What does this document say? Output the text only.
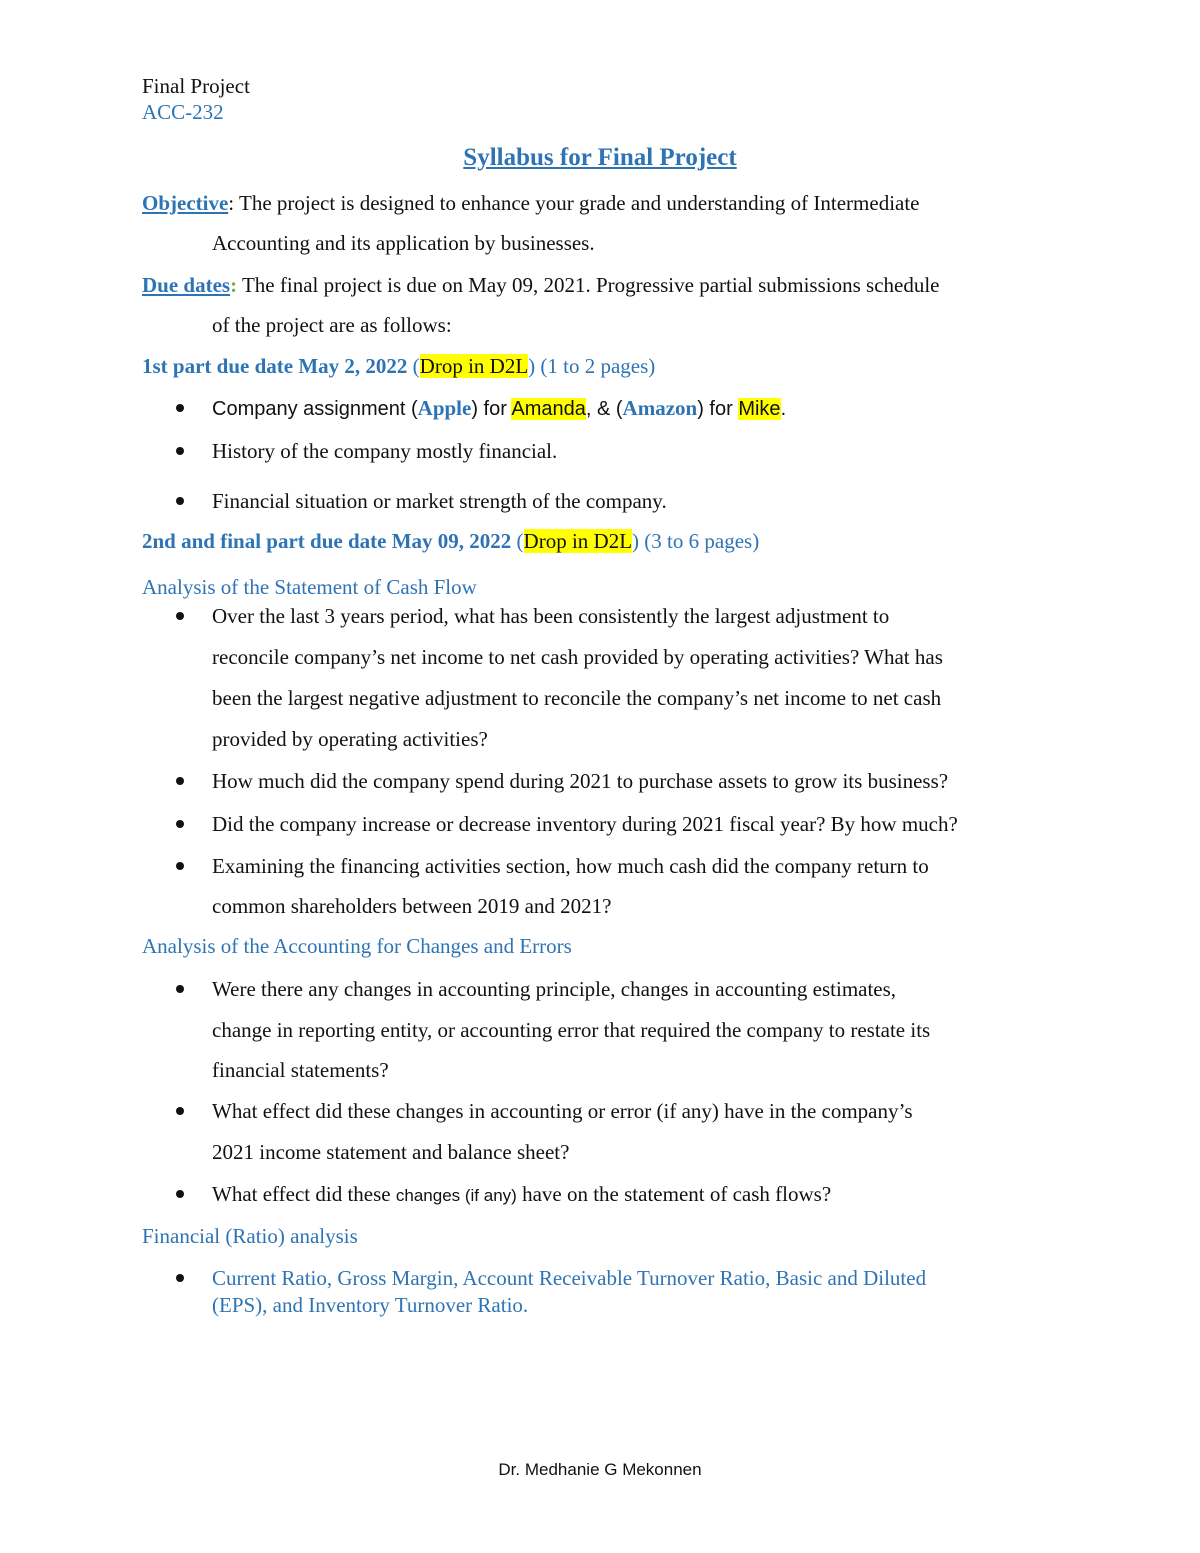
Final Project
ACC-232
Syllabus for Final Project
Objective: The project is designed to enhance your grade and understanding of Intermediate
Accounting and its application by businesses.
Due dates: The final project is due on May 09, 2021. Progressive partial submissions schedule
of the project are as follows:
1st part due date May 2, 2022 (Drop in D2L) (1 to 2 pages)
Company assignment (Apple) for Amanda, & (Amazon) for Mike.
History of the company mostly financial.
Financial situation or market strength of the company.
2nd and final part due date May 09, 2022 (Drop in D2L) (3 to 6 pages)
Analysis of the Statement of Cash Flow
Over the last 3 years period, what has been consistently the largest adjustment to
reconcile company’s net income to net cash provided by operating activities? What has
been the largest negative adjustment to reconcile the company’s net income to net cash
provided by operating activities?
How much did the company spend during 2021 to purchase assets to grow its business?
Did the company increase or decrease inventory during 2021 fiscal year? By how much?
Examining the financing activities section, how much cash did the company return to
common shareholders between 2019 and 2021?
Analysis of the Accounting for Changes and Errors
Were there any changes in accounting principle, changes in accounting estimates,
change in reporting entity, or accounting error that required the company to restate its
financial statements?
What effect did these changes in accounting or error (if any) have in the company’s
2021 income statement and balance sheet?
What effect did these changes (if any) have on the statement of cash flows?
Financial (Ratio) analysis
Current Ratio, Gross Margin, Account Receivable Turnover Ratio, Basic and Diluted
(EPS), and Inventory Turnover Ratio.
Dr. Medhanie G Mekonnen
